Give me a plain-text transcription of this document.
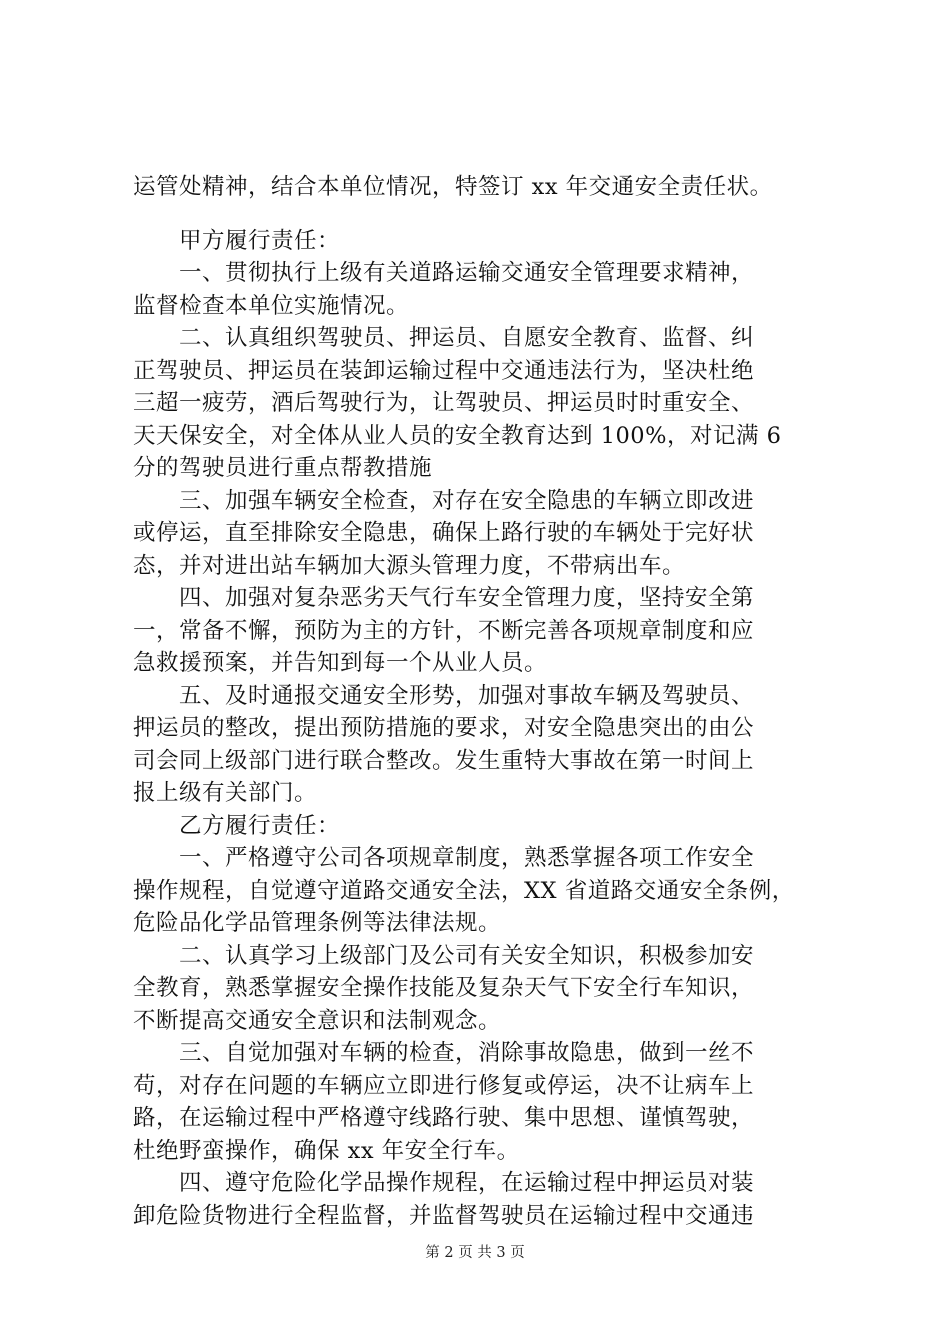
运管处精神，结合本单位情况，特签订 xx 年交通安全责任状。
　　甲方履行责任：
　　一、贯彻执行上级有关道路运输交通安全管理要求精神，
监督检查本单位实施情况。
　　二、认真组织驾驶员、押运员、自愿安全教育、监督、纠
正驾驶员、押运员在装卸运输过程中交通违法行为，坚决杜绝
三超一疲劳，酒后驾驶行为，让驾驶员、押运员时时重安全、
天天保安全，对全体从业人员的安全教育达到 100%，对记满 6
分的驾驶员进行重点帮教措施
　　三、加强车辆安全检查，对存在安全隐患的车辆立即改进
或停运，直至排除安全隐患，确保上路行驶的车辆处于完好状
态，并对进出站车辆加大源头管理力度，不带病出车。
　　四、加强对复杂恶劣天气行车安全管理力度，坚持安全第
一，常备不懈，预防为主的方针，不断完善各项规章制度和应
急救援预案，并告知到每一个从业人员。
　　五、及时通报交通安全形势，加强对事故车辆及驾驶员、
押运员的整改，提出预防措施的要求，对安全隐患突出的由公
司会同上级部门进行联合整改。发生重特大事故在第一时间上
报上级有关部门。
　　乙方履行责任：
　　一、严格遵守公司各项规章制度，熟悉掌握各项工作安全
操作规程，自觉遵守道路交通安全法，XX 省道路交通安全条例，
危险品化学品管理条例等法律法规。
　　二、认真学习上级部门及公司有关安全知识，积极参加安
全教育，熟悉掌握安全操作技能及复杂天气下安全行车知识，
不断提高交通安全意识和法制观念。
　　三、自觉加强对车辆的检查，消除事故隐患，做到一丝不
苟，对存在问题的车辆应立即进行修复或停运，决不让病车上
路，在运输过程中严格遵守线路行驶、集中思想、谨慎驾驶，
杜绝野蛮操作，确保 xx 年安全行车。
　　四、遵守危险化学品操作规程，在运输过程中押运员对装
卸危险货物进行全程监督，并监督驾驶员在运输过程中交通违
第 2 页 共 3 页
